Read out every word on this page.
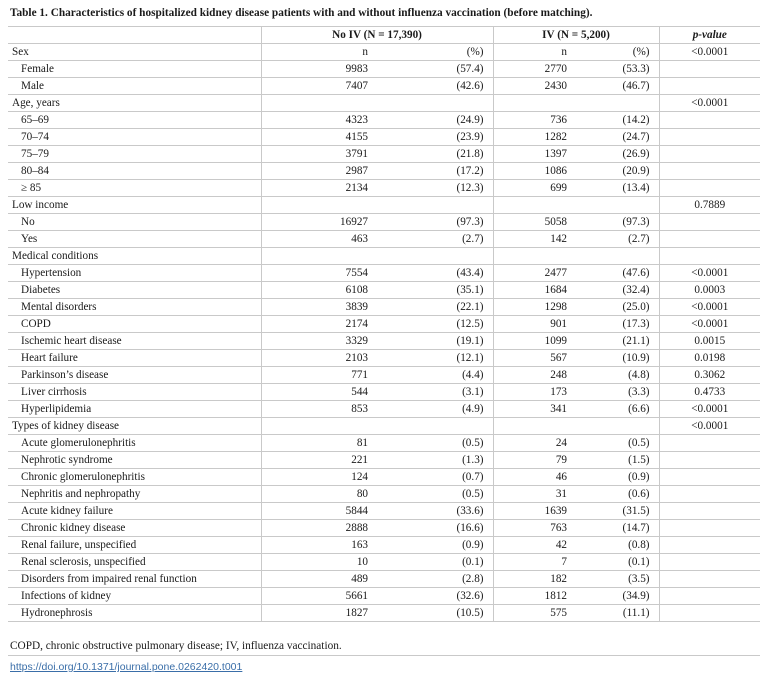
Table 1. Characteristics of hospitalized kidney disease patients with and without influenza vaccination (before matching).
	No IV (N = 17,390)		IV (N = 5,200)		p-value
Sex	n	(%)	n	(%)	<0.0001
Female	9983	(57.4)	2770	(53.3)	
Male	7407	(42.6)	2430	(46.7)	
Age, years					<0.0001
65–69	4323	(24.9)	736	(14.2)	
70–74	4155	(23.9)	1282	(24.7)	
75–79	3791	(21.8)	1397	(26.9)	
80–84	2987	(17.2)	1086	(20.9)	
≥ 85	2134	(12.3)	699	(13.4)	
Low income					0.7889
No	16927	(97.3)	5058	(97.3)	
Yes	463	(2.7)	142	(2.7)	
Medical conditions					
Hypertension	7554	(43.4)	2477	(47.6)	<0.0001
Diabetes	6108	(35.1)	1684	(32.4)	0.0003
Mental disorders	3839	(22.1)	1298	(25.0)	<0.0001
COPD	2174	(12.5)	901	(17.3)	<0.0001
Ischemic heart disease	3329	(19.1)	1099	(21.1)	0.0015
Heart failure	2103	(12.1)	567	(10.9)	0.0198
Parkinson’s disease	771	(4.4)	248	(4.8)	0.3062
Liver cirrhosis	544	(3.1)	173	(3.3)	0.4733
Hyperlipidemia	853	(4.9)	341	(6.6)	<0.0001
Types of kidney disease					<0.0001
Acute glomerulonephritis	81	(0.5)	24	(0.5)	
Nephrotic syndrome	221	(1.3)	79	(1.5)	
Chronic glomerulonephritis	124	(0.7)	46	(0.9)	
Nephritis and nephropathy	80	(0.5)	31	(0.6)	
Acute kidney failure	5844	(33.6)	1639	(31.5)	
Chronic kidney disease	2888	(16.6)	763	(14.7)	
Renal failure, unspecified	163	(0.9)	42	(0.8)	
Renal sclerosis, unspecified	10	(0.1)	7	(0.1)	
Disorders from impaired renal function	489	(2.8)	182	(3.5)	
Infections of kidney	5661	(32.6)	1812	(34.9)	
Hydronephrosis	1827	(10.5)	575	(11.1)	
COPD, chronic obstructive pulmonary disease; IV, influenza vaccination.
https://doi.org/10.1371/journal.pone.0262420.t001
